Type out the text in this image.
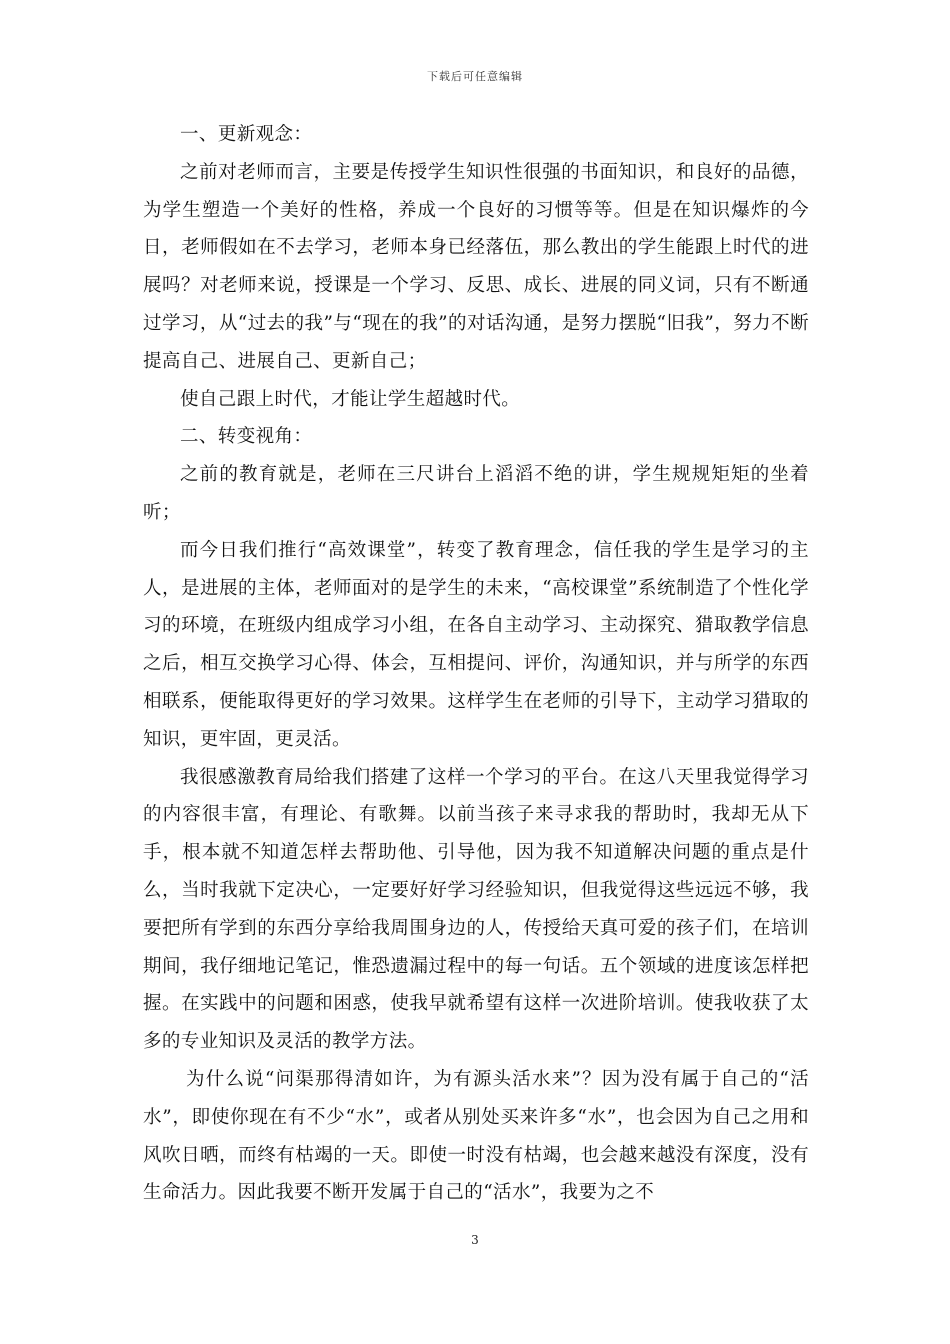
下载后可任意编辑

一、更新观念：

之前对老师而言，主要是传授学生知识性很强的书面知识，和良好的品德，为学生塑造一个美好的性格，养成一个良好的习惯等等。但是在知识爆炸的今日，老师假如在不去学习，老师本身已经落伍，那么教出的学生能跟上时代的进展吗？对老师来说，授课是一个学习、反思、成长、进展的同义词，只有不断通过学习，从“过去的我”与“现在的我”的对话沟通，是努力摆脱“旧我”，努力不断提高自己、进展自己、更新自己；

使自己跟上时代，才能让学生超越时代。

二、转变视角：

之前的教育就是，老师在三尺讲台上滔滔不绝的讲，学生规规矩矩的坐着听；

而今日我们推行“高效课堂”，转变了教育理念，信任我的学生是学习的主人，是进展的主体，老师面对的是学生的未来，“高校课堂”系统制造了个性化学习的环境，在班级内组成学习小组，在各自主动学习、主动探究、猎取教学信息之后，相互交换学习心得、体会，互相提问、评价，沟通知识，并与所学的东西相联系，便能取得更好的学习效果。这样学生在老师的引导下，主动学习猎取的知识，更牢固，更灵活。

我很感激教育局给我们搭建了这样一个学习的平台。在这八天里我觉得学习的内容很丰富，有理论、有歌舞。以前当孩子来寻求我的帮助时，我却无从下手，根本就不知道怎样去帮助他、引导他，因为我不知道解决问题的重点是什么，当时我就下定决心，一定要好好学习经验知识，但我觉得这些远远不够，我要把所有学到的东西分享给我周围身边的人，传授给天真可爱的孩子们，在培训期间，我仔细地记笔记，惟恐遗漏过程中的每一句话。五个领域的进度该怎样把握。在实践中的问题和困惑，使我早就希望有这样一次进阶培训。使我收获了太多的专业知识及灵活的教学方法。

为什么说“问渠那得清如许，为有源头活水来”？因为没有属于自己的“活水”，即使你现在有不少“水”，或者从别处买来许多“水”，也会因为自己之用和风吹日晒，而终有枯竭的一天。即使一时没有枯竭，也会越来越没有深度，没有生命活力。因此我要不断开发属于自己的“活水”，我要为之不

3
